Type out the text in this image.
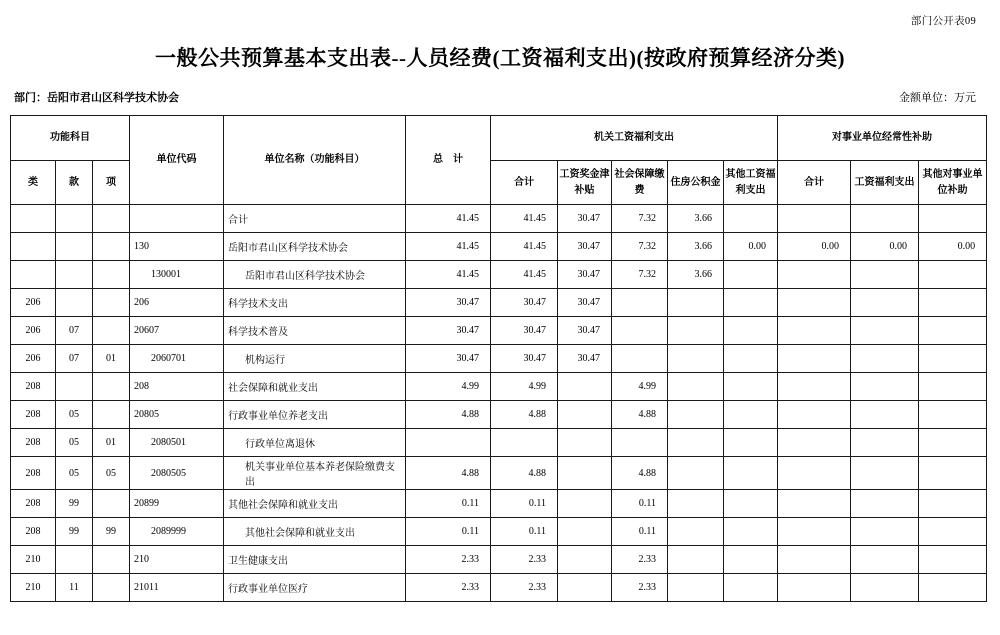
部门公开表09
一般公共预算基本支出表--人员经费(工资福利支出)(按政府预算经济分类)
部门：岳阳市君山区科学技术协会	金额单位：万元
功能科目			单位代码	单位名称（功能科目）	总　计	机关工资福利支出					对事业单位经常性补助		
类	款	项				合计	工资奖金津补贴	社会保障缴费	住房公积金	其他工资福利支出	合计	工资福利支出	其他对事业单位补助
				合计	41.45	41.45	30.47	7.32	3.66				
			130	岳阳市君山区科学技术协会	41.45	41.45	30.47	7.32	3.66	0.00	0.00	0.00	0.00
			130001	岳阳市君山区科学技术协会	41.45	41.45	30.47	7.32	3.66				
206			206	科学技术支出	30.47	30.47	30.47						
206	07		20607	科学技术普及	30.47	30.47	30.47						
206	07	01	2060701	机构运行	30.47	30.47	30.47						
208			208	社会保障和就业支出	4.99	4.99		4.99					
208	05		20805	行政事业单位养老支出	4.88	4.88		4.88					
208	05	01	2080501	行政单位离退休									
208	05	05	2080505	机关事业单位基本养老保险缴费支出	4.88	4.88		4.88					
208	99		20899	其他社会保障和就业支出	0.11	0.11		0.11					
208	99	99	2089999	其他社会保障和就业支出	0.11	0.11		0.11					
210			210	卫生健康支出	2.33	2.33		2.33					
210	11		21011	行政事业单位医疗	2.33	2.33		2.33					
